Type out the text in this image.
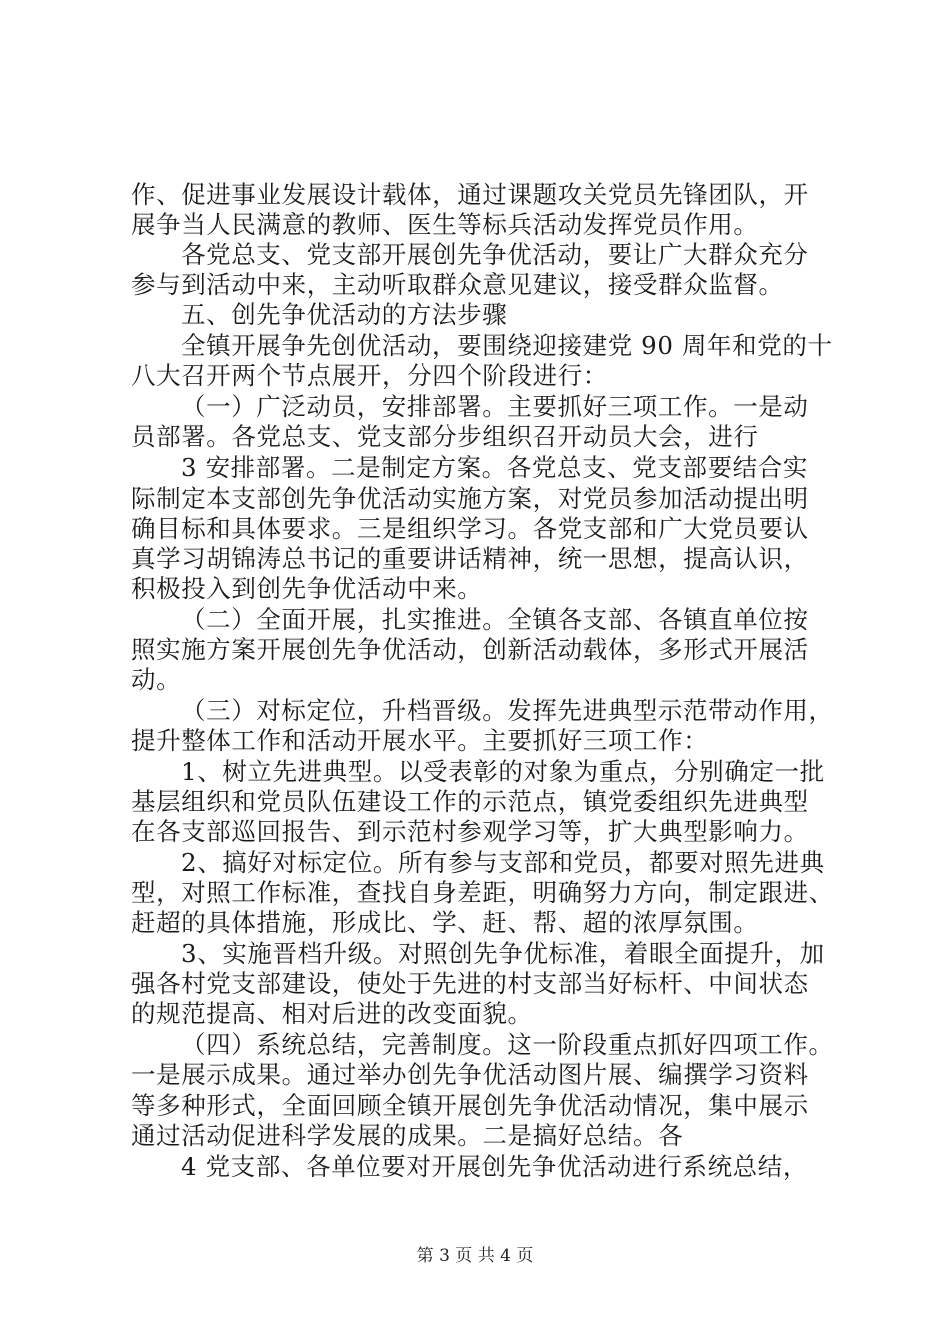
作、促进事业发展设计载体，通过课题攻关党员先锋团队，开
展争当人民满意的教师、医生等标兵活动发挥党员作用。
各党总支、党支部开展创先争优活动，要让广大群众充分
参与到活动中来，主动听取群众意见建议，接受群众监督。
五、创先争优活动的方法步骤
全镇开展争先创优活动，要围绕迎接建党 90 周年和党的十
八大召开两个节点展开，分四个阶段进行：
（一）广泛动员，安排部署。主要抓好三项工作。一是动
员部署。各党总支、党支部分步组织召开动员大会，进行
3 安排部署。二是制定方案。各党总支、党支部要结合实
际制定本支部创先争优活动实施方案，对党员参加活动提出明
确目标和具体要求。三是组织学习。各党支部和广大党员要认
真学习胡锦涛总书记的重要讲话精神，统一思想，提高认识，
积极投入到创先争优活动中来。
（二）全面开展，扎实推进。全镇各支部、各镇直单位按
照实施方案开展创先争优活动，创新活动载体，多形式开展活
动。
（三）对标定位，升档晋级。发挥先进典型示范带动作用，
提升整体工作和活动开展水平。主要抓好三项工作：
1、树立先进典型。以受表彰的对象为重点，分别确定一批
基层组织和党员队伍建设工作的示范点，镇党委组织先进典型
在各支部巡回报告、到示范村参观学习等，扩大典型影响力。
2、搞好对标定位。所有参与支部和党员，都要对照先进典
型，对照工作标准，查找自身差距，明确努力方向，制定跟进、
赶超的具体措施，形成比、学、赶、帮、超的浓厚氛围。
3、实施晋档升级。对照创先争优标准，着眼全面提升，加
强各村党支部建设，使处于先进的村支部当好标杆、中间状态
的规范提高、相对后进的改变面貌。
（四）系统总结，完善制度。这一阶段重点抓好四项工作。
一是展示成果。通过举办创先争优活动图片展、编撰学习资料
等多种形式，全面回顾全镇开展创先争优活动情况，集中展示
通过活动促进科学发展的成果。二是搞好总结。各
4 党支部、各单位要对开展创先争优活动进行系统总结，
第 3 页 共 4 页
